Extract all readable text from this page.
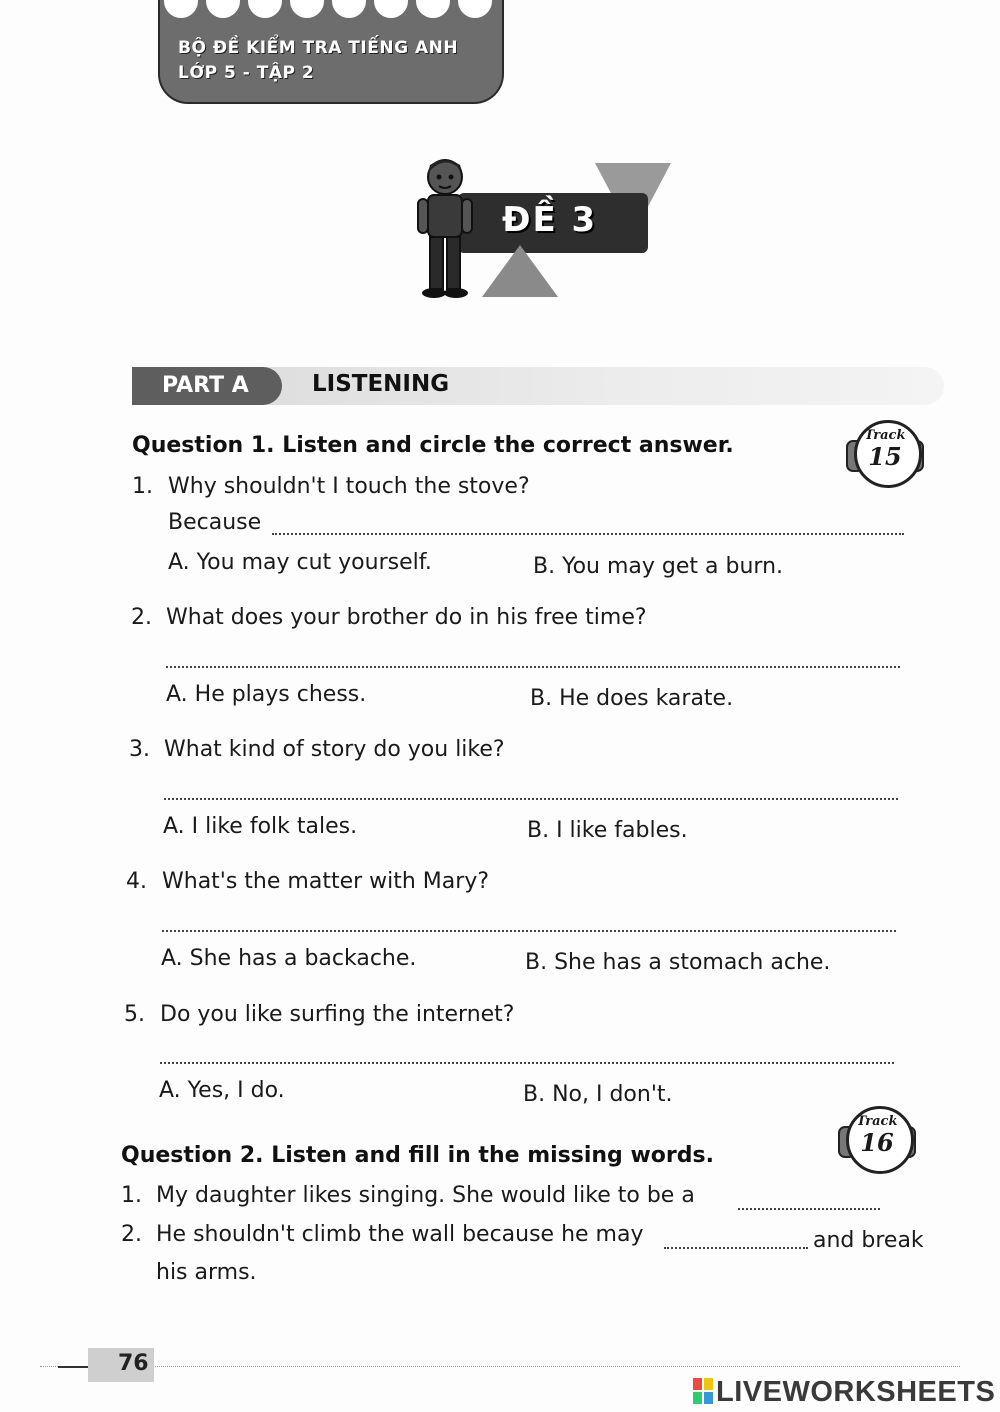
BỘ ĐỀ KIỂM TRA TIẾNG ANH
LỚP 5 - TẬP 2
ĐỀ 3
PART A	LISTENING
Question 1. Listen and circle the correct answer.	Track
15
1. Why shouldn't I touch the stove?
Because
A. You may cut yourself.	B. You may get a burn.
2. What does your brother do in his free time?
A. He plays chess.	B. He does karate.
3. What kind of story do you like?
A. I like folk tales.	B. I like fables.
4. What's the matter with Mary?
A. She has a backache.	B. She has a stomach ache.
5. Do you like surfing the internet?
A. Yes, I do.	B. No, I don't.
Question 2. Listen and fill in the missing words.
Track
16
1. My daughter likes singing. She would like to be a
2. He shouldn't climb the wall because he may	and break
his arms.
76
LIVEWORKSHEETS
